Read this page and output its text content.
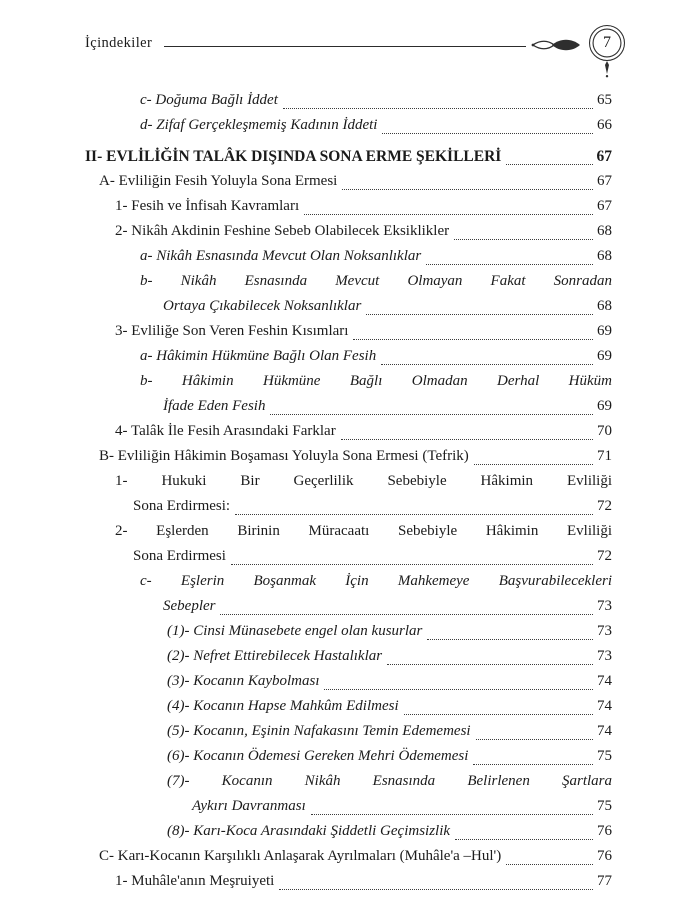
İçindekiler	7
c- Doğuma Bağlı İddet	65
d- Zifaf Gerçekleşmemiş Kadının İddeti	66
II- EVLİLİĞİN TALÂK DIŞINDA SONA ERME ŞEKİLLERİ	67
A- Evliliğin Fesih Yoluyla Sona Ermesi	67
1- Fesih ve İnfisah Kavramları	67
2- Nikâh Akdinin Feshine Sebeb Olabilecek Eksiklikler	68
a- Nikâh Esnasında Mevcut Olan Noksanlıklar	68
b- Nikâh Esnasında Mevcut Olmayan Fakat Sonradan
Ortaya Çıkabilecek Noksanlıklar	68
3- Evliliğe Son Veren Feshin Kısımları	69
a- Hâkimin Hükmüne Bağlı Olan Fesih	69
b- Hâkimin Hükmüne Bağlı Olmadan Derhal Hüküm
İfade Eden Fesih	69
4- Talâk İle Fesih Arasındaki Farklar	70
B- Evliliğin Hâkimin Boşaması Yoluyla Sona Ermesi (Tefrik)	71
1- Hukuki Bir Geçerlilik Sebebiyle Hâkimin Evliliği
Sona Erdirmesi:	72
2- Eşlerden Birinin Müracaatı Sebebiyle Hâkimin Evliliği
Sona Erdirmesi	72
c- Eşlerin Boşanmak İçin Mahkemeye Başvurabilecekleri
Sebepler	73
(1)- Cinsi Münasebete engel olan kusurlar	73
(2)- Nefret Ettirebilecek Hastalıklar	73
(3)- Kocanın Kaybolması	74
(4)- Kocanın Hapse Mahkûm Edilmesi	74
(5)- Kocanın, Eşinin Nafakasını Temin Edememesi	74
(6)- Kocanın Ödemesi Gereken Mehri Ödememesi	75
(7)- Kocanın Nikâh Esnasında Belirlenen Şartlara
Aykırı Davranması	75
(8)- Karı-Koca Arasındaki Şiddetli Geçimsizlik	76
C- Karı-Kocanın Karşılıklı Anlaşarak Ayrılmaları (Muhâle'a –Hul')	76
1- Muhâle'anın Meşruiyeti	77
